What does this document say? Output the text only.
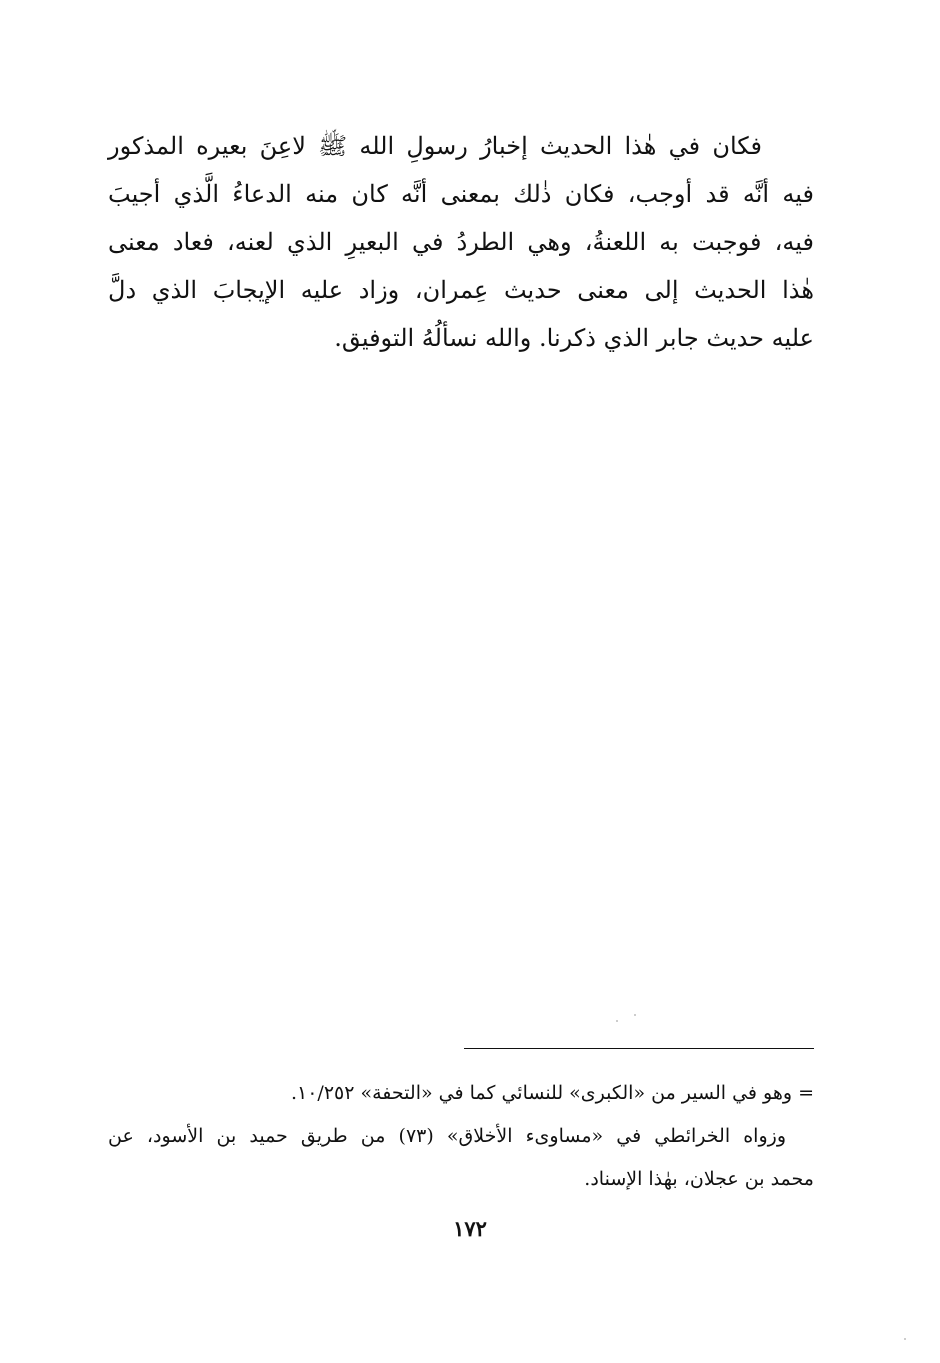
فكان في هٰذا الحديث إخبارُ رسولِ الله ﷺ لاعِنَ بعيره المذكور
فيه أنَّه قد أوجب، فكان ذٰلك بمعنى أنَّه كان منه الدعاءُ الَّذي أجيبَ
فيه، فوجبت به اللعنةُ، وهي الطردُ في البعيرِ الذي لعنه، فعاد معنى
هٰذا الحديث إلى معنى حديث عِمران، وزاد عليه الإيجابَ الذي دلَّ
عليه حديث جابر الذي ذكرنا. والله نسألُهُ التوفيق.
= وهو في السير من «الكبرى» للنسائي كما في «التحفة» ١٠/٢٥٢.
وزواه الخرائطي في «مساوىء الأخلاق» (٧٣) من طريق حميد بن الأسود، عن
محمد بن عجلان، بهٰذا الإسناد.
١٧٢
